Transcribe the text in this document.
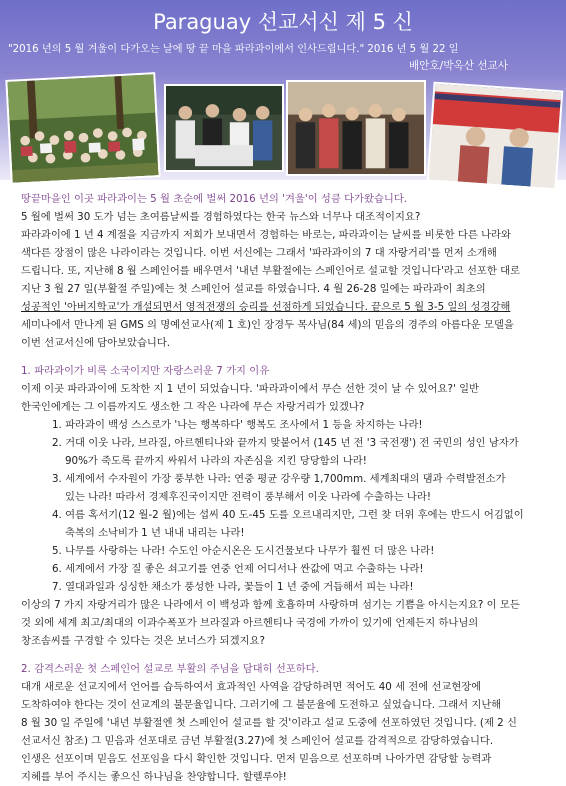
Paraguay 선교서신 제 5 신
"2016 년의 5 월 겨울이 다가오는 날에 땅 끝 마을 파라과이에서 인사드립니다." 2016 년 5 월 22 일
배안호/박옥산 선교사
땅끝마을인 이곳 파라과이는 5 월 초순에 벌써 2016 년의 '겨울'이 성큼 다가왔습니다.
5 월에 벌써 30 도가 넘는 초여름날씨를 경험하였다는 한국 뉴스와 너무나 대조적이지요?
파라과이에 1 년 4 계절을 지금까지 저희가 보내면서 경험하는 바로는, 파라과이는 날씨를 비롯한 다른 나라와
색다른 장점이 많은 나라이라는 것입니다. 이번 서신에는 그래서 '파라과이의 7 대 자랑거리'를 먼저 소개해
드립니다. 또, 지난해 8 월 스페인어를 배우면서 '내년 부활절에는 스페인어로 설교할 것입니다'라고 선포한 대로
지난 3 월 27 일(부활절 주일)에는 첫 스페인어 설교를 하였습니다. 4 월 26-28 일에는 파라과이 최초의
성공적인 '아버지학교'가 개설되면서 영적전쟁의 승리를 선점하게 되었습니다. 끝으로 5 월 3-5 일의 성경강해
세미나에서 만나게 된 GMS 의 명예선교사(제 1 호)인 장경두 목사님(84 세)의 믿음의 경주의 아름다운 모델을
이번 선교서신에 담아보았습니다.
1. 파라과이가 비록 소국이지만 자랑스러운 7 가지 이유
이제 이곳 파라과이에 도착한 지 1 년이 되었습니다. '파라과이에서 무슨 선한 것이 날 수 있어요?' 일반
한국인에게는 그 이름까지도 생소한 그 작은 나라에 무슨 자랑거리가 있겠나?
1. 파라과이 백성 스스로가 '나는 행복하다' 행복도 조사에서 1 등을 차지하는 나라!
2. 거대 이웃 나라, 브라질, 아르헨티나와 끝까지 맞붙어서 (145 년 전 '3 국전쟁') 전 국민의 성인 남자가
90%가 죽도록 끝까지 싸워서 나라의 자존심을 지킨 당당함의 나라!
3. 세계에서 수자원이 가장 풍부한 나라: 연중 평균 강우량 1,700mm. 세계최대의 댐과 수력발전소가
있는 나라! 따라서 경제후진국이지만 전력이 풍부해서 이웃 나라에 수출하는 나라!
4. 여름 혹서기(12 월-2 월)에는 섭씨 40 도-45 도를 오르내리지만, 그런 찾 더위 후에는 반드시 어김없이
축복의 소낙비가 1 년 내내 내리는 나라!
5. 나무를 사랑하는 나라! 수도인 아순시온은 도시건물보다 나무가 훨씬 더 많은 나라!
6. 세계에서 가장 질 좋은 쇠고기를 연중 언제 어디서나 싼값에 먹고 수출하는 나라!
7. 열대과일과 싱싱한 채소가 풍성한 나라, 꽃들이 1 년 중에 거듭해서 피는 나라!
이상의 7 가지 자랑거리가 많은 나라에서 이 백성과 함께 호흡하며 사랑하며 섬기는 기쁨을 아시는지요? 이 모든
것 외에 세계 최고/최대의 이과수폭포가 브라질과 아르헨티나 국경에 가까이 있기에 언제든지 하나님의
창조솜씨를 구경할 수 있다는 것은 보너스가 되겠지요?
2. 감격스러운 첫 스페인어 설교로 부활의 주님을 담대히 선포하다.
대개 새로운 선교지에서 언어를 습득하여서 효과적인 사역을 감당하려면 적어도 40 세 전에 선교현장에
도착하여야 한다는 것이 선교계의 불문율입니다. 그러기에 그 불문율에 도전하고 싶었습니다. 그래서 지난해
8 월 30 일 주일에 '내년 부활절엔 첫 스페인어 설교를 할 것'이라고 설교 도중에 선포하였던 것입니다. (제 2 신
선교서신 참조) 그 믿음과 선포대로 금년 부활절(3.27)에 첫 스페인어 설교를 감격적으로 감당하였습니다.
인생은 선포이며 믿음도 선포임을 다시 확인한 것입니다. 먼저 믿음으로 선포하며 나아가면 감당할 능력과
지혜를 부어 주시는 좋으신 하나님을 찬양합니다. 할렐루야!
